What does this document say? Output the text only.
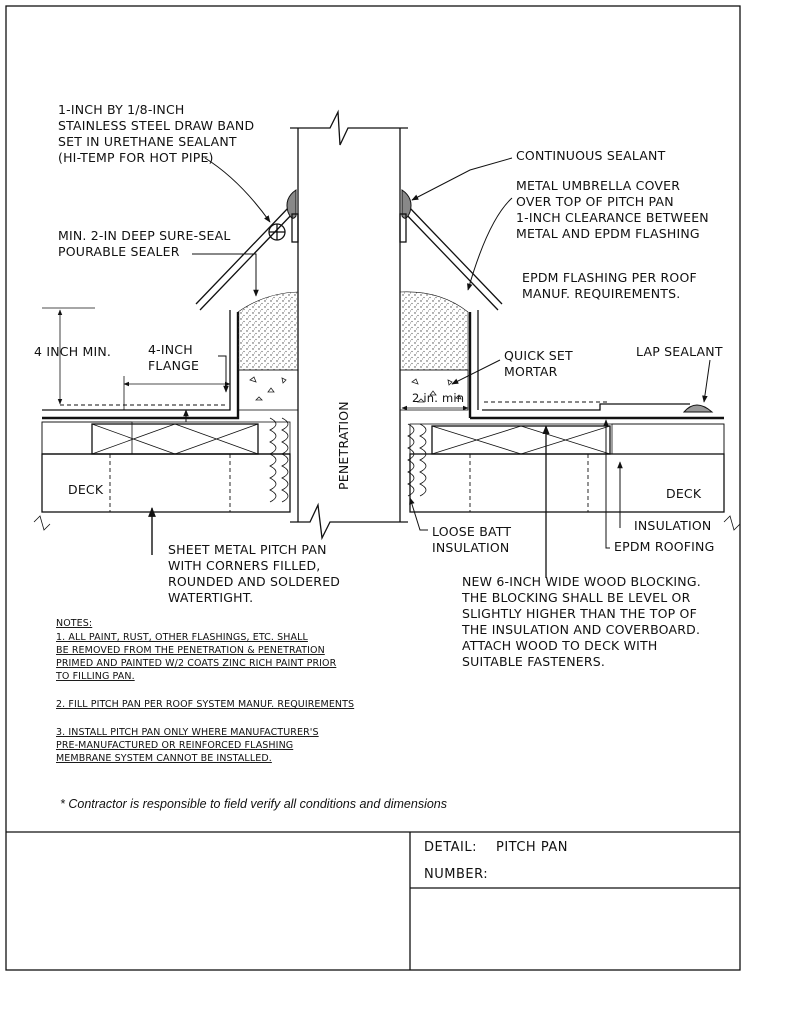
1-INCH BY 1/8-INCH
STAINLESS STEEL DRAW BAND
SET IN URETHANE SEALANT
(HI-TEMP FOR HOT PIPE)	CONTINUOUS SEALANT
METAL UMBRELLA COVER
OVER TOP OF PITCH PAN
1-INCH CLEARANCE BETWEEN
METAL AND EPDM FLASHING
MIN. 2-IN DEEP SURE-SEAL
POURABLE SEALER
EPDM FLASHING PER ROOF
MANUF. REQUIREMENTS.
4 INCH MIN.	4-INCH
FLANGE
QUICK SET
MORTAR
LAP SEALANT
2 in. min
PENETRATION
DECK	DECK
INSULATION
EPDM ROOFING
LOOSE BATT
INSULATION
SHEET METAL PITCH PAN
WITH CORNERS FILLED,
ROUNDED AND SOLDERED
WATERTIGHT.
NEW 6-INCH WIDE WOOD BLOCKING.
THE BLOCKING SHALL BE LEVEL OR
SLIGHTLY HIGHER THAN THE TOP OF
THE INSULATION AND COVERBOARD.
ATTACH WOOD TO DECK WITH
SUITABLE FASTENERS.
NOTES:
1. ALL PAINT, RUST, OTHER FLASHINGS, ETC. SHALL
BE REMOVED FROM THE PENETRATION & PENETRATION
PRIMED AND PAINTED W/2 COATS ZINC RICH PAINT PRIOR
TO FILLING PAN.
2. FILL PITCH PAN PER ROOF SYSTEM MANUF. REQUIREMENTS
3. INSTALL PITCH PAN ONLY WHERE MANUFACTURER'S
PRE-MANUFACTURED OR REINFORCED FLASHING
MEMBRANE SYSTEM CANNOT BE INSTALLED.
* Contractor is responsible to field verify all conditions and dimensions
DETAIL: PITCH PAN
NUMBER:
